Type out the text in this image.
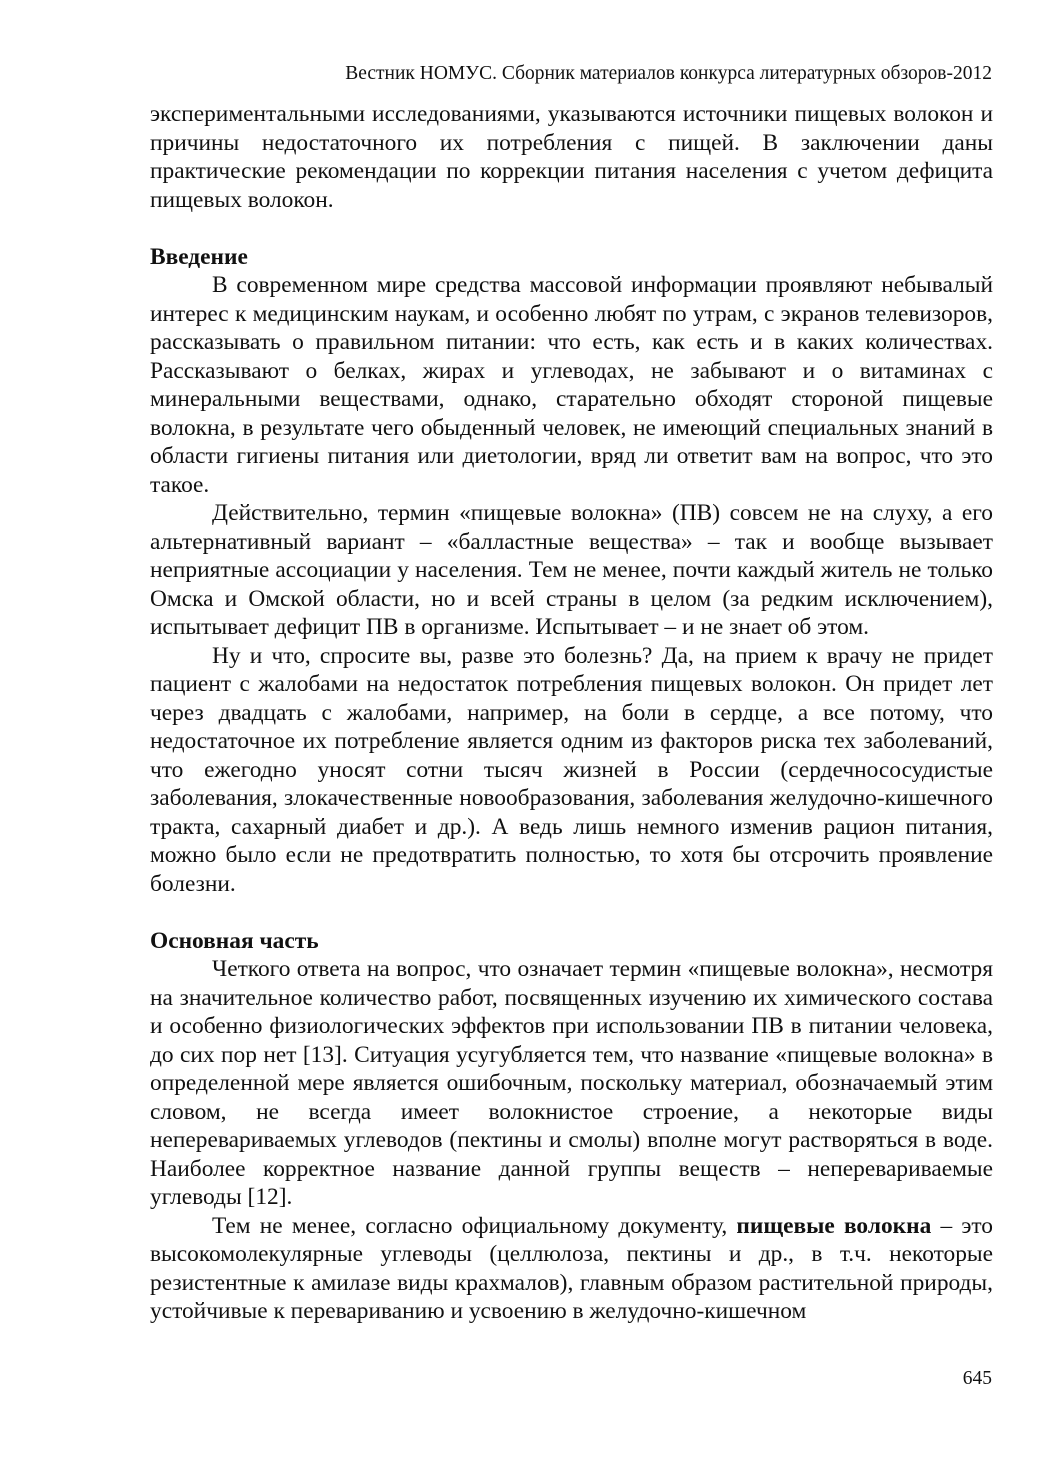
Вестник НОМУС. Сборник материалов конкурса литературных обзоров-2012

экспериментальными исследованиями, указываются источники пищевых волокон и причины недостаточного их потребления с пищей. В заключении даны практические рекомендации по коррекции питания населения с учетом дефицита пищевых волокон.

Введение

В современном мире средства массовой информации проявляют небывалый интерес к медицинским наукам, и особенно любят по утрам, с экранов телевизоров, рассказывать о правильном питании: что есть, как есть и в каких количествах. Рассказывают о белках, жирах и углеводах, не забывают и о витаминах с минеральными веществами, однако, старательно обходят стороной пищевые волокна, в результате чего обыденный человек, не имеющий специальных знаний в области гигиены питания или диетологии, вряд ли ответит вам на вопрос, что это такое.

Действительно, термин «пищевые волокна» (ПВ) совсем не на слуху, а его альтернативный вариант – «балластные вещества» – так и вообще вызывает неприятные ассоциации у населения. Тем не менее, почти каждый житель не только Омска и Омской области, но и всей страны в целом (за редким исключением), испытывает дефицит ПВ в организме. Испытывает – и не знает об этом.

Ну и что, спросите вы, разве это болезнь? Да, на прием к врачу не придет пациент с жалобами на недостаток потребления пищевых волокон. Он придет лет через двадцать с жалобами, например, на боли в сердце, а все потому, что недостаточное их потребление является одним из факторов риска тех заболеваний, что ежегодно уносят сотни тысяч жизней в России (сердечнососудистые заболевания, злокачественные новообразования, заболевания желудочно-кишечного тракта, сахарный диабет и др.). А ведь лишь немного изменив рацион питания, можно было если не предотвратить полностью, то хотя бы отсрочить проявление болезни.

Основная часть

Четкого ответа на вопрос, что означает термин «пищевые волокна», несмотря на значительное количество работ, посвященных изучению их химического состава и особенно физиологических эффектов при использовании ПВ в питании человека, до сих пор нет [13]. Ситуация усугубляется тем, что название «пищевые волокна» в определенной мере является ошибочным, поскольку материал, обозначаемый этим словом, не всегда имеет волокнистое строение, а некоторые виды неперевариваемых углеводов (пектины и смолы) вполне могут растворяться в воде. Наиболее корректное название данной группы веществ – неперевариваемые углеводы [12].

Тем не менее, согласно официальному документу, пищевые волокна – это высокомолекулярные углеводы (целлюлоза, пектины и др., в т.ч. некоторые резистентные к амилазе виды крахмалов), главным образом растительной природы, устойчивые к перевариванию и усвоению в желудочно-кишечном

645
